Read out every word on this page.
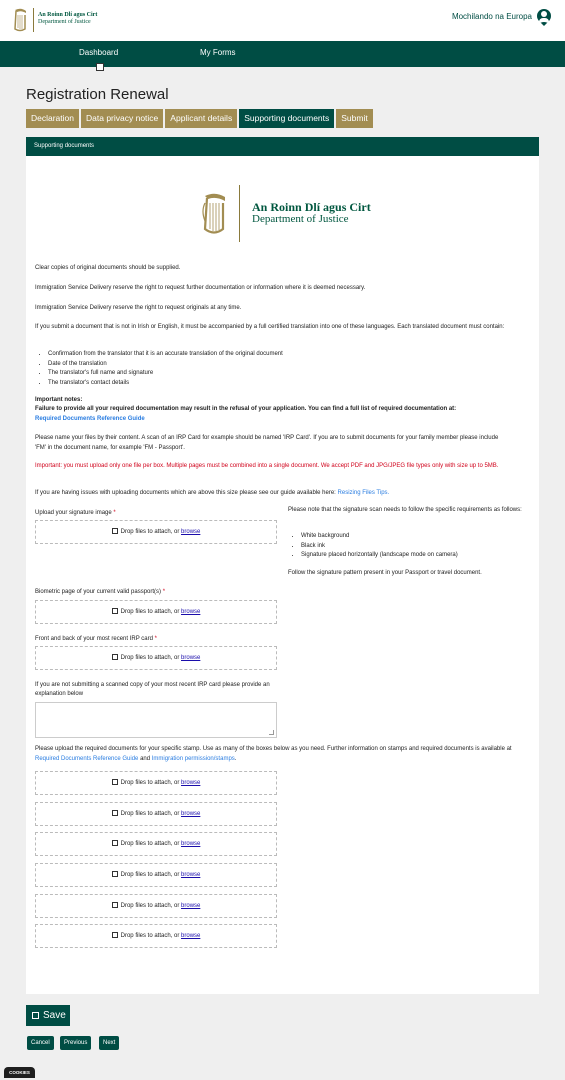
An Roinn Dlí agus Cirt
Department of Justice
Mochilando na Europa
Dashboard	My Forms
Registration Renewal
Declaration	Data privacy notice	Applicant details	Supporting documents	Submit
Supporting documents
An Roinn Dlí agus Cirt
Department of Justice
Clear copies of original documents should be supplied.
Immigration Service Delivery reserve the right to request further documentation or information where it is deemed necessary.
Immigration Service Delivery reserve the right to request originals at any time.
If you submit a document that is not in Irish or English, it must be accompanied by a full certified translation into one of these languages. Each translated document must contain:
• Confirmation from the translator that it is an accurate translation of the original document
• Date of the translation
• The translator's full name and signature
• The translator's contact details
Important notes:
Failure to provide all your required documentation may result in the refusal of your application. You can find a full list of required documentation at:
Required Documents Reference Guide
Please name your files by their content. A scan of an IRP Card for example should be named 'IRP Card'. If you are to submit documents for your family member please include 'FM' in the document name, for example 'FM - Passport'.
Important: you must upload only one file per box. Multiple pages must be combined into a single document. We accept PDF and JPG/JPEG file types only with size up to 5MB.
If you are having issues with uploading documents which are above this size please see our guide available here: Resizing Files Tips.
Upload your signature image *
Drop files to attach, or browse
Please note that the signature scan needs to follow the specific requirements as follows:
• White background
• Black ink
• Signature placed horizontally (landscape mode on camera)
Follow the signature pattern present in your Passport or travel document.
Biometric page of your current valid passport(s) *
Drop files to attach, or browse
Front and back of your most recent IRP card *
Drop files to attach, or browse
If you are not submitting a scanned copy of your most recent IRP card please provide an explanation below
Please upload the required documents for your specific stamp. Use as many of the boxes below as you need. Further information on stamps and required documents is available at Required Documents Reference Guide and Immigration permission/stamps.
Drop files to attach, or browse
Drop files to attach, or browse
Drop files to attach, or browse
Drop files to attach, or browse
Drop files to attach, or browse
Drop files to attach, or browse
Save
Cancel	Previous	Next
COOKIES
